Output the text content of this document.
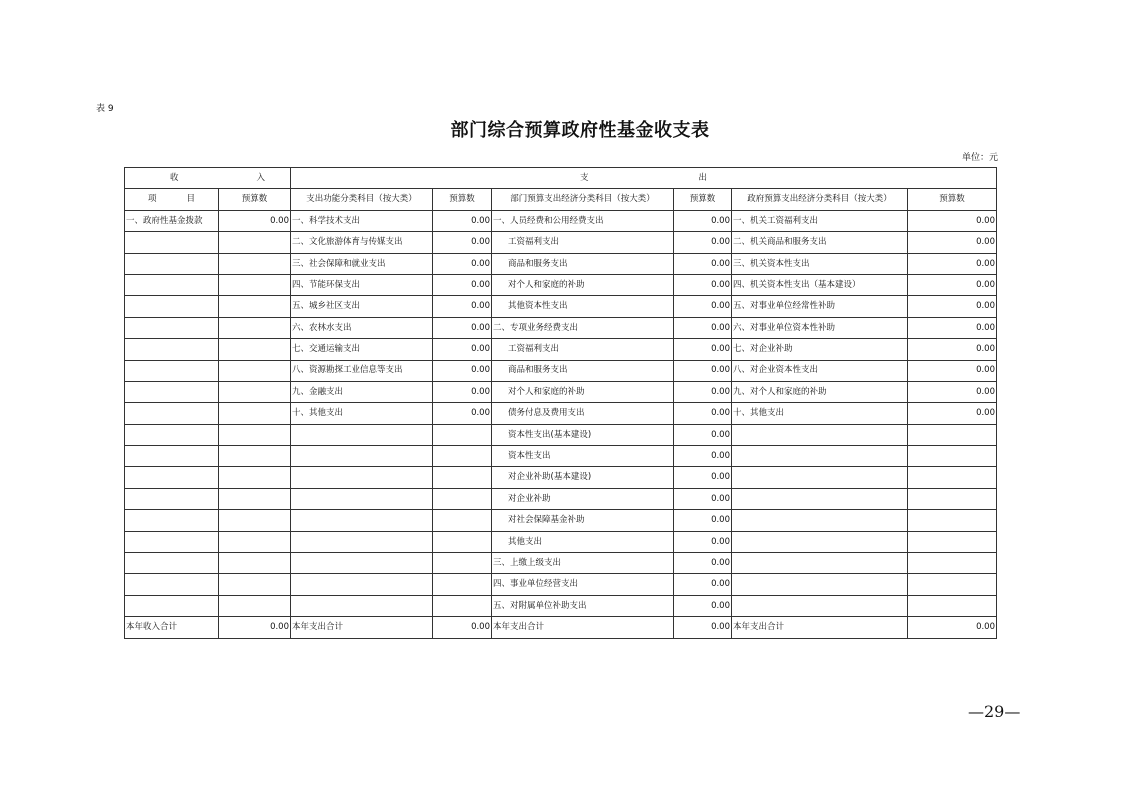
表 9
部门综合预算政府性基金收支表
单位：元
收 入		支 出					

项 目	预算数	支出功能分类科目（按大类）	预算数	部门预算支出经济分类科目（按大类）	预算数	政府预算支出经济分类科目（按大类）	预算数
一、政府性基金拨款	0.00	一、科学技术支出	0.00	一、人员经费和公用经费支出	0.00	一、机关工资福利支出	0.00
		二、文化旅游体育与传媒支出	0.00	工资福利支出	0.00	二、机关商品和服务支出	0.00
		三、社会保障和就业支出	0.00	商品和服务支出	0.00	三、机关资本性支出	0.00
		四、节能环保支出	0.00	对个人和家庭的补助	0.00	四、机关资本性支出（基本建设）	0.00
		五、城乡社区支出	0.00	其他资本性支出	0.00	五、对事业单位经常性补助	0.00
		六、农林水支出	0.00	二、专项业务经费支出	0.00	六、对事业单位资本性补助	0.00
		七、交通运输支出	0.00	工资福利支出	0.00	七、对企业补助	0.00
		八、资源勘探工业信息等支出	0.00	商品和服务支出	0.00	八、对企业资本性支出	0.00
		九、金融支出	0.00	对个人和家庭的补助	0.00	九、对个人和家庭的补助	0.00
		十、其他支出	0.00	债务付息及费用支出	0.00	十、其他支出	0.00
				资本性支出(基本建设)	0.00		
				资本性支出	0.00		
				对企业补助(基本建设)	0.00		
				对企业补助	0.00		
				对社会保障基金补助	0.00		
				其他支出	0.00		
				三、上缴上级支出	0.00		
				四、事业单位经营支出	0.00		
				五、对附属单位补助支出	0.00		
本年收入合计	0.00	本年支出合计	0.00	本年支出合计	0.00	本年支出合计	0.00
—29—
